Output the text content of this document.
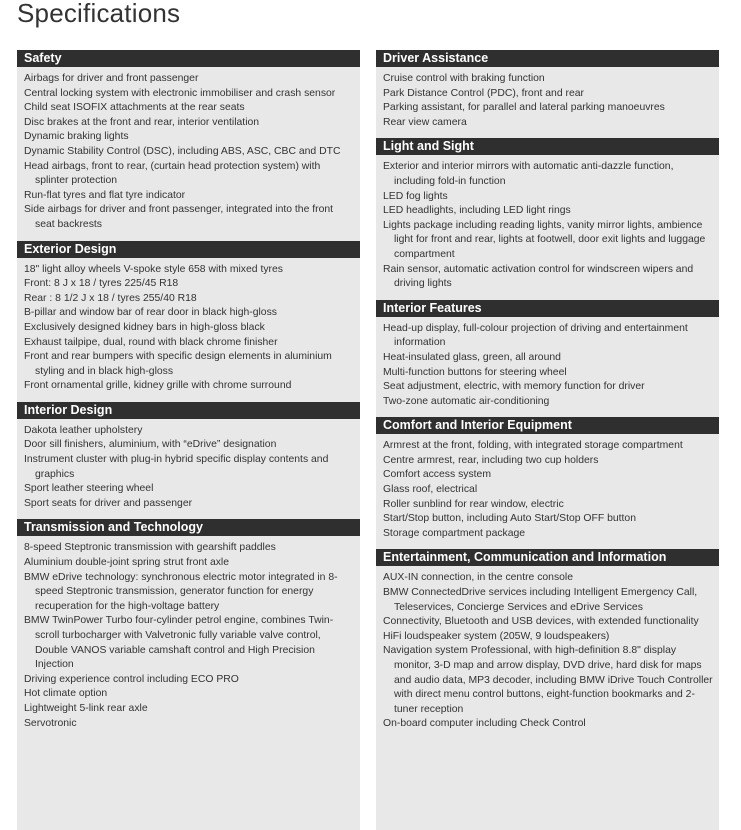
Specifications
Safety
Airbags for driver and front passenger
Central locking system with electronic immobiliser and crash sensor
Child seat ISOFIX attachments at the rear seats
Disc brakes at the front and rear, interior ventilation
Dynamic braking lights
Dynamic Stability Control (DSC), including ABS, ASC, CBC and DTC
Head airbags, front to rear, (curtain head protection system) with splinter protection
Run-flat tyres and flat tyre indicator
Side airbags for driver and front passenger, integrated into the front seat backrests
Exterior Design
18" light alloy wheels V-spoke style 658 with mixed tyres
Front: 8 J x 18 / tyres 225/45 R18
Rear : 8 1/2 J x 18 / tyres 255/40 R18
B-pillar and window bar of rear door in black high-gloss
Exclusively designed kidney bars in high-gloss black
Exhaust tailpipe, dual, round with black chrome finisher
Front and rear bumpers with specific design elements in aluminium styling and in black high-gloss
Front ornamental grille, kidney grille with chrome surround
Interior Design
Dakota leather upholstery
Door sill finishers, aluminium, with “eDrive” designation
Instrument cluster with plug-in hybrid specific display contents and graphics
Sport leather steering wheel
Sport seats for driver and passenger
Transmission and Technology
8-speed Steptronic transmission with gearshift paddles
Aluminium double-joint spring strut front axle
BMW eDrive technology: synchronous electric motor integrated in 8-speed Steptronic transmission, generator function for energy recuperation for the high-voltage battery
BMW TwinPower Turbo four-cylinder petrol engine, combines Twin-scroll turbocharger with Valvetronic fully variable valve control, Double VANOS variable camshaft control and High Precision Injection
Driving experience control including ECO PRO
Hot climate option
Lightweight 5-link rear axle
Servotronic
Driver Assistance
Cruise control with braking function
Park Distance Control (PDC), front and rear
Parking assistant, for parallel and lateral parking manoeuvres
Rear view camera
Light and Sight
Exterior and interior mirrors with automatic anti-dazzle function, including fold-in function
LED fog lights
LED headlights, including LED light rings
Lights package including reading lights, vanity mirror lights, ambience light for front and rear, lights at footwell, door exit lights and luggage compartment
Rain sensor, automatic activation control for windscreen wipers and driving lights
Interior Features
Head-up display, full-colour projection of driving and entertainment information
Heat-insulated glass, green, all around
Multi-function buttons for steering wheel
Seat adjustment, electric, with memory function for driver
Two-zone automatic air-conditioning
Comfort and Interior Equipment
Armrest at the front, folding, with integrated storage compartment
Centre armrest, rear, including two cup holders
Comfort access system
Glass roof, electrical
Roller sunblind for rear window, electric
Start/Stop button, including Auto Start/Stop OFF button
Storage compartment package
Entertainment, Communication and Information
AUX-IN connection, in the centre console
BMW ConnectedDrive services including Intelligent Emergency Call, Teleservices, Concierge Services and eDrive Services
Connectivity, Bluetooth and USB devices, with extended functionality
HiFi loudspeaker system (205W, 9 loudspeakers)
Navigation system Professional, with high-definition 8.8" display monitor, 3-D map and arrow display, DVD drive, hard disk for maps and audio data, MP3 decoder, including BMW iDrive Touch Controller with direct menu control buttons, eight-function bookmarks and 2-tuner reception
On-board computer including Check Control
